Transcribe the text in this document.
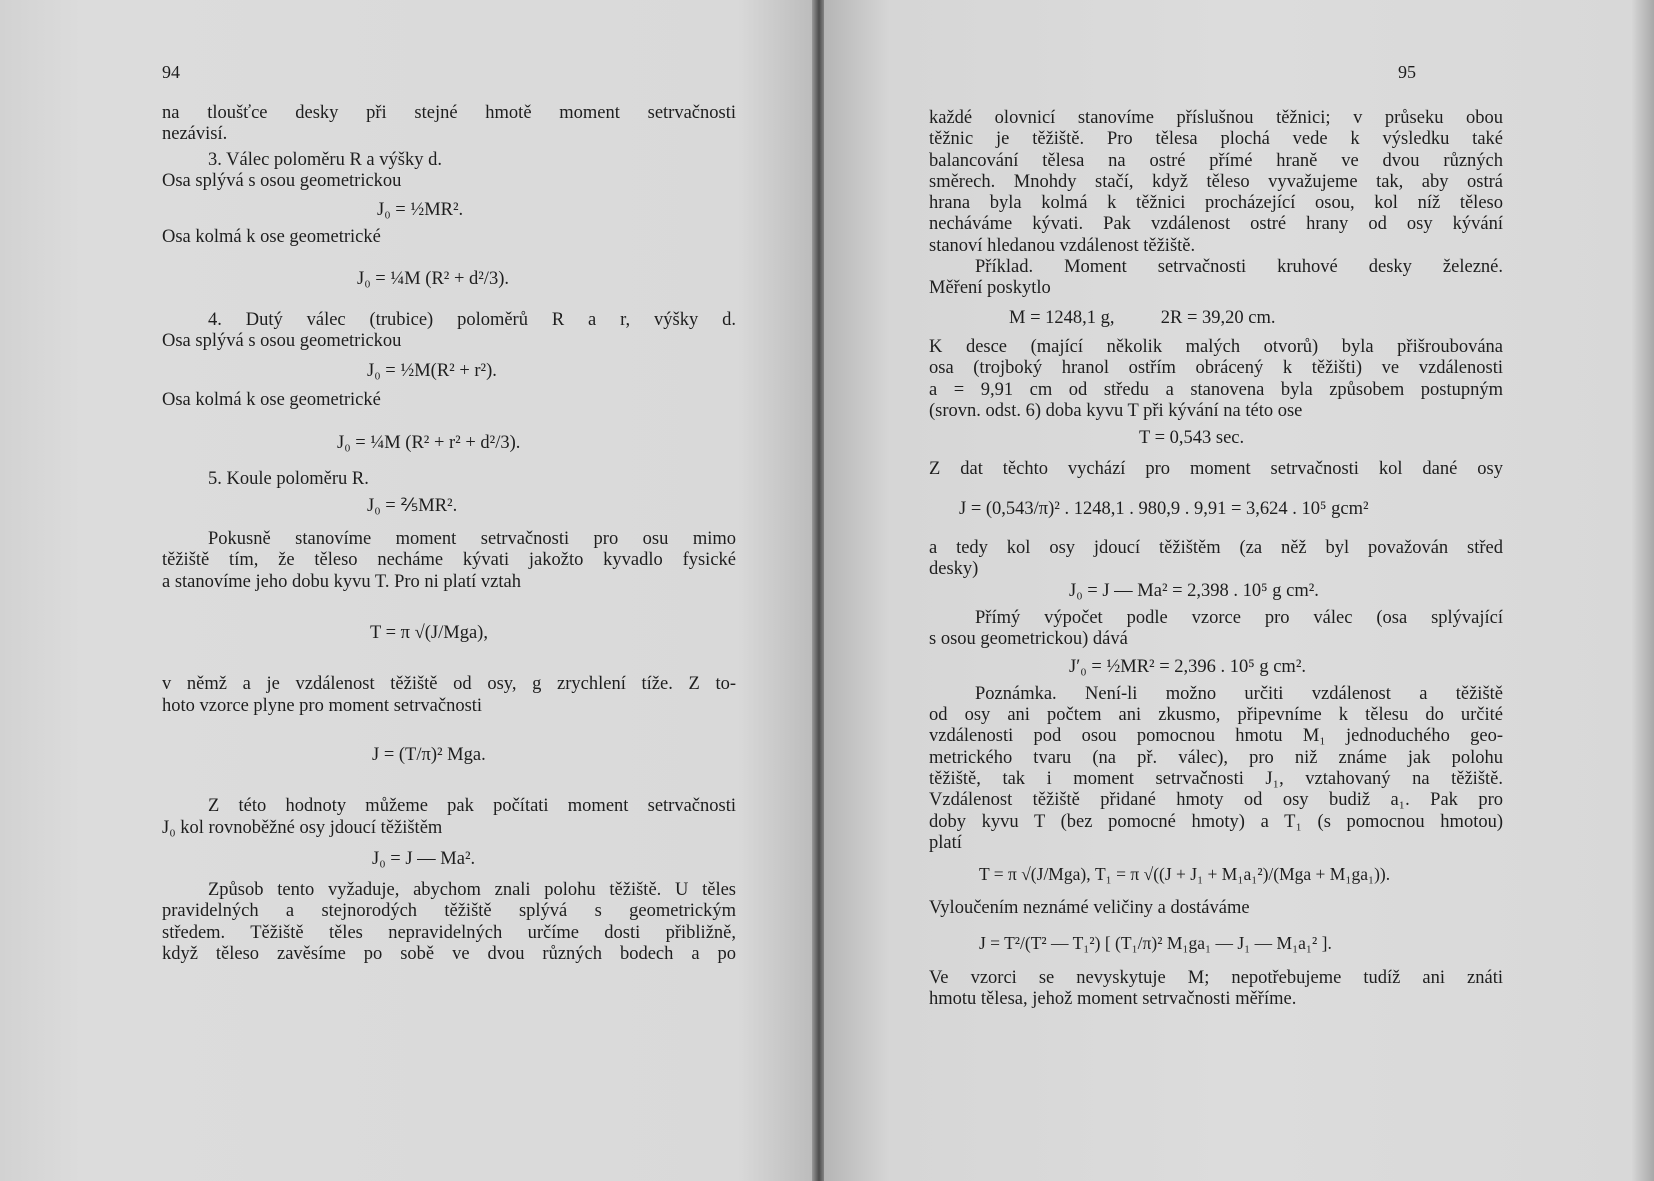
94
na tloušťce desky při stejné hmotě moment setrvačnosti
nezávisí.
3. Válec poloměru R a výšky d.
Osa splývá s osou geometrickou
J₀ = ½MR².
Osa kolmá k ose geometrické
J₀ = ¼M (R² + d²/3).
4. Dutý válec (trubice) poloměrů R a r, výšky d.
Osa splývá s osou geometrickou
J₀ = ½M(R² + r²).
Osa kolmá k ose geometrické
J₀ = ¼M (R² + r² + d²/3).
5. Koule poloměru R.
J₀ = ⅖MR².
Pokusně stanovíme moment setrvačnosti pro osu mimo
těžiště tím, že těleso necháme kývati jakožto kyvadlo fysické
a stanovíme jeho dobu kyvu T. Pro ni platí vztah
T = π √(J/Mga),
v němž a je vzdálenost těžiště od osy, g zrychlení tíže. Z to-
hoto vzorce plyne pro moment setrvačnosti
J = (T/π)² Mga.
Z této hodnoty můžeme pak počítati moment setrvačnosti
J₀ kol rovnoběžné osy jdoucí těžištěm
J₀ = J — Ma².
Způsob tento vyžaduje, abychom znali polohu těžiště. U těles
pravidelných a stejnorodých těžiště splývá s geometrickým
středem. Těžiště těles nepravidelných určíme dosti přibližně,
když těleso zavěsíme po sobě ve dvou různých bodech a po
95
každé olovnicí stanovíme příslušnou těžnici; v průseku obou
těžnic je těžiště. Pro tělesa plochá vede k výsledku také
balancování tělesa na ostré přímé hraně ve dvou různých
směrech. Mnohdy stačí, když těleso vyvažujeme tak, aby ostrá
hrana byla kolmá k těžnici procházející osou, kol níž těleso
necháváme kývati. Pak vzdálenost ostré hrany od osy kývání
stanoví hledanou vzdálenost těžiště.
Příklad. Moment setrvačnosti kruhové desky železné.
Měření poskytlo
M = 1248,1 g,          2R = 39,20 cm.
K desce (mající několik malých otvorů) byla přišroubována
osa (trojboký hranol ostřím obrácený k těžišti) ve vzdálenosti
a = 9,91 cm od středu a stanovena byla způsobem postupným
(srovn. odst. 6) doba kyvu T při kývání na této ose
T = 0,543 sec.
Z dat těchto vychází pro moment setrvačnosti kol dané osy
J = (0,543/π)² . 1248,1 . 980,9 . 9,91 = 3,624 . 10⁵ gcm²
a tedy kol osy jdoucí těžištěm (za něž byl považován střed
desky)
J₀ = J — Ma² = 2,398 . 10⁵ g cm².
Přímý výpočet podle vzorce pro válec (osa splývající
s osou geometrickou) dává
J′₀ = ½MR² = 2,396 . 10⁵ g cm².
Poznámka. Není-li možno určiti vzdálenost a těžiště
od osy ani počtem ani zkusmo, připevníme k tělesu do určité
vzdálenosti pod osou pomocnou hmotu M₁ jednoduchého geo-
metrického tvaru (na př. válec), pro niž známe jak polohu
těžiště, tak i moment setrvačnosti J₁, vztahovaný na těžiště.
Vzdálenost těžiště přidané hmoty od osy budiž a₁. Pak pro
doby kyvu T (bez pomocné hmoty) a T₁ (s pomocnou hmotou)
platí
T = π √(J/Mga), T₁ = π √((J + J₁ + M₁a₁²)/(Mga + M₁ga₁)).
Vyloučením neznámé veličiny a dostáváme
J = T²/(T² — T₁²) [ (T₁/π)² M₁ga₁ — J₁ — M₁a₁² ].
Ve vzorci se nevyskytuje M; nepotřebujeme tudíž ani znáti
hmotu tělesa, jehož moment setrvačnosti měříme.
